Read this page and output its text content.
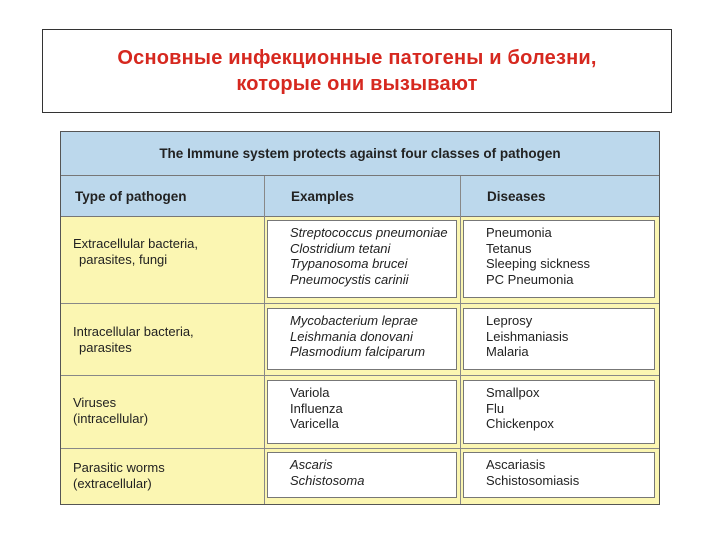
Основные инфекционные патогены и болезни,
которые они вызывают
The Immune system protects against four classes of pathogen
Type of pathogen	Examples	Diseases
Extracellular bacteria,
parasites, fungi
Streptococcus pneumoniae
Clostridium tetani
Trypanosoma brucei
Pneumocystis carinii
Pneumonia
Tetanus
Sleeping sickness
PC Pneumonia
Intracellular bacteria,
parasites
Mycobacterium leprae
Leishmania donovani
Plasmodium falciparum
Leprosy
Leishmaniasis
Malaria
Viruses
(intracellular)
Variola
Influenza
Varicella
Smallpox
Flu
Chickenpox
Parasitic worms
(extracellular)
Ascaris
Schistosoma
Ascariasis
Schistosomiasis
